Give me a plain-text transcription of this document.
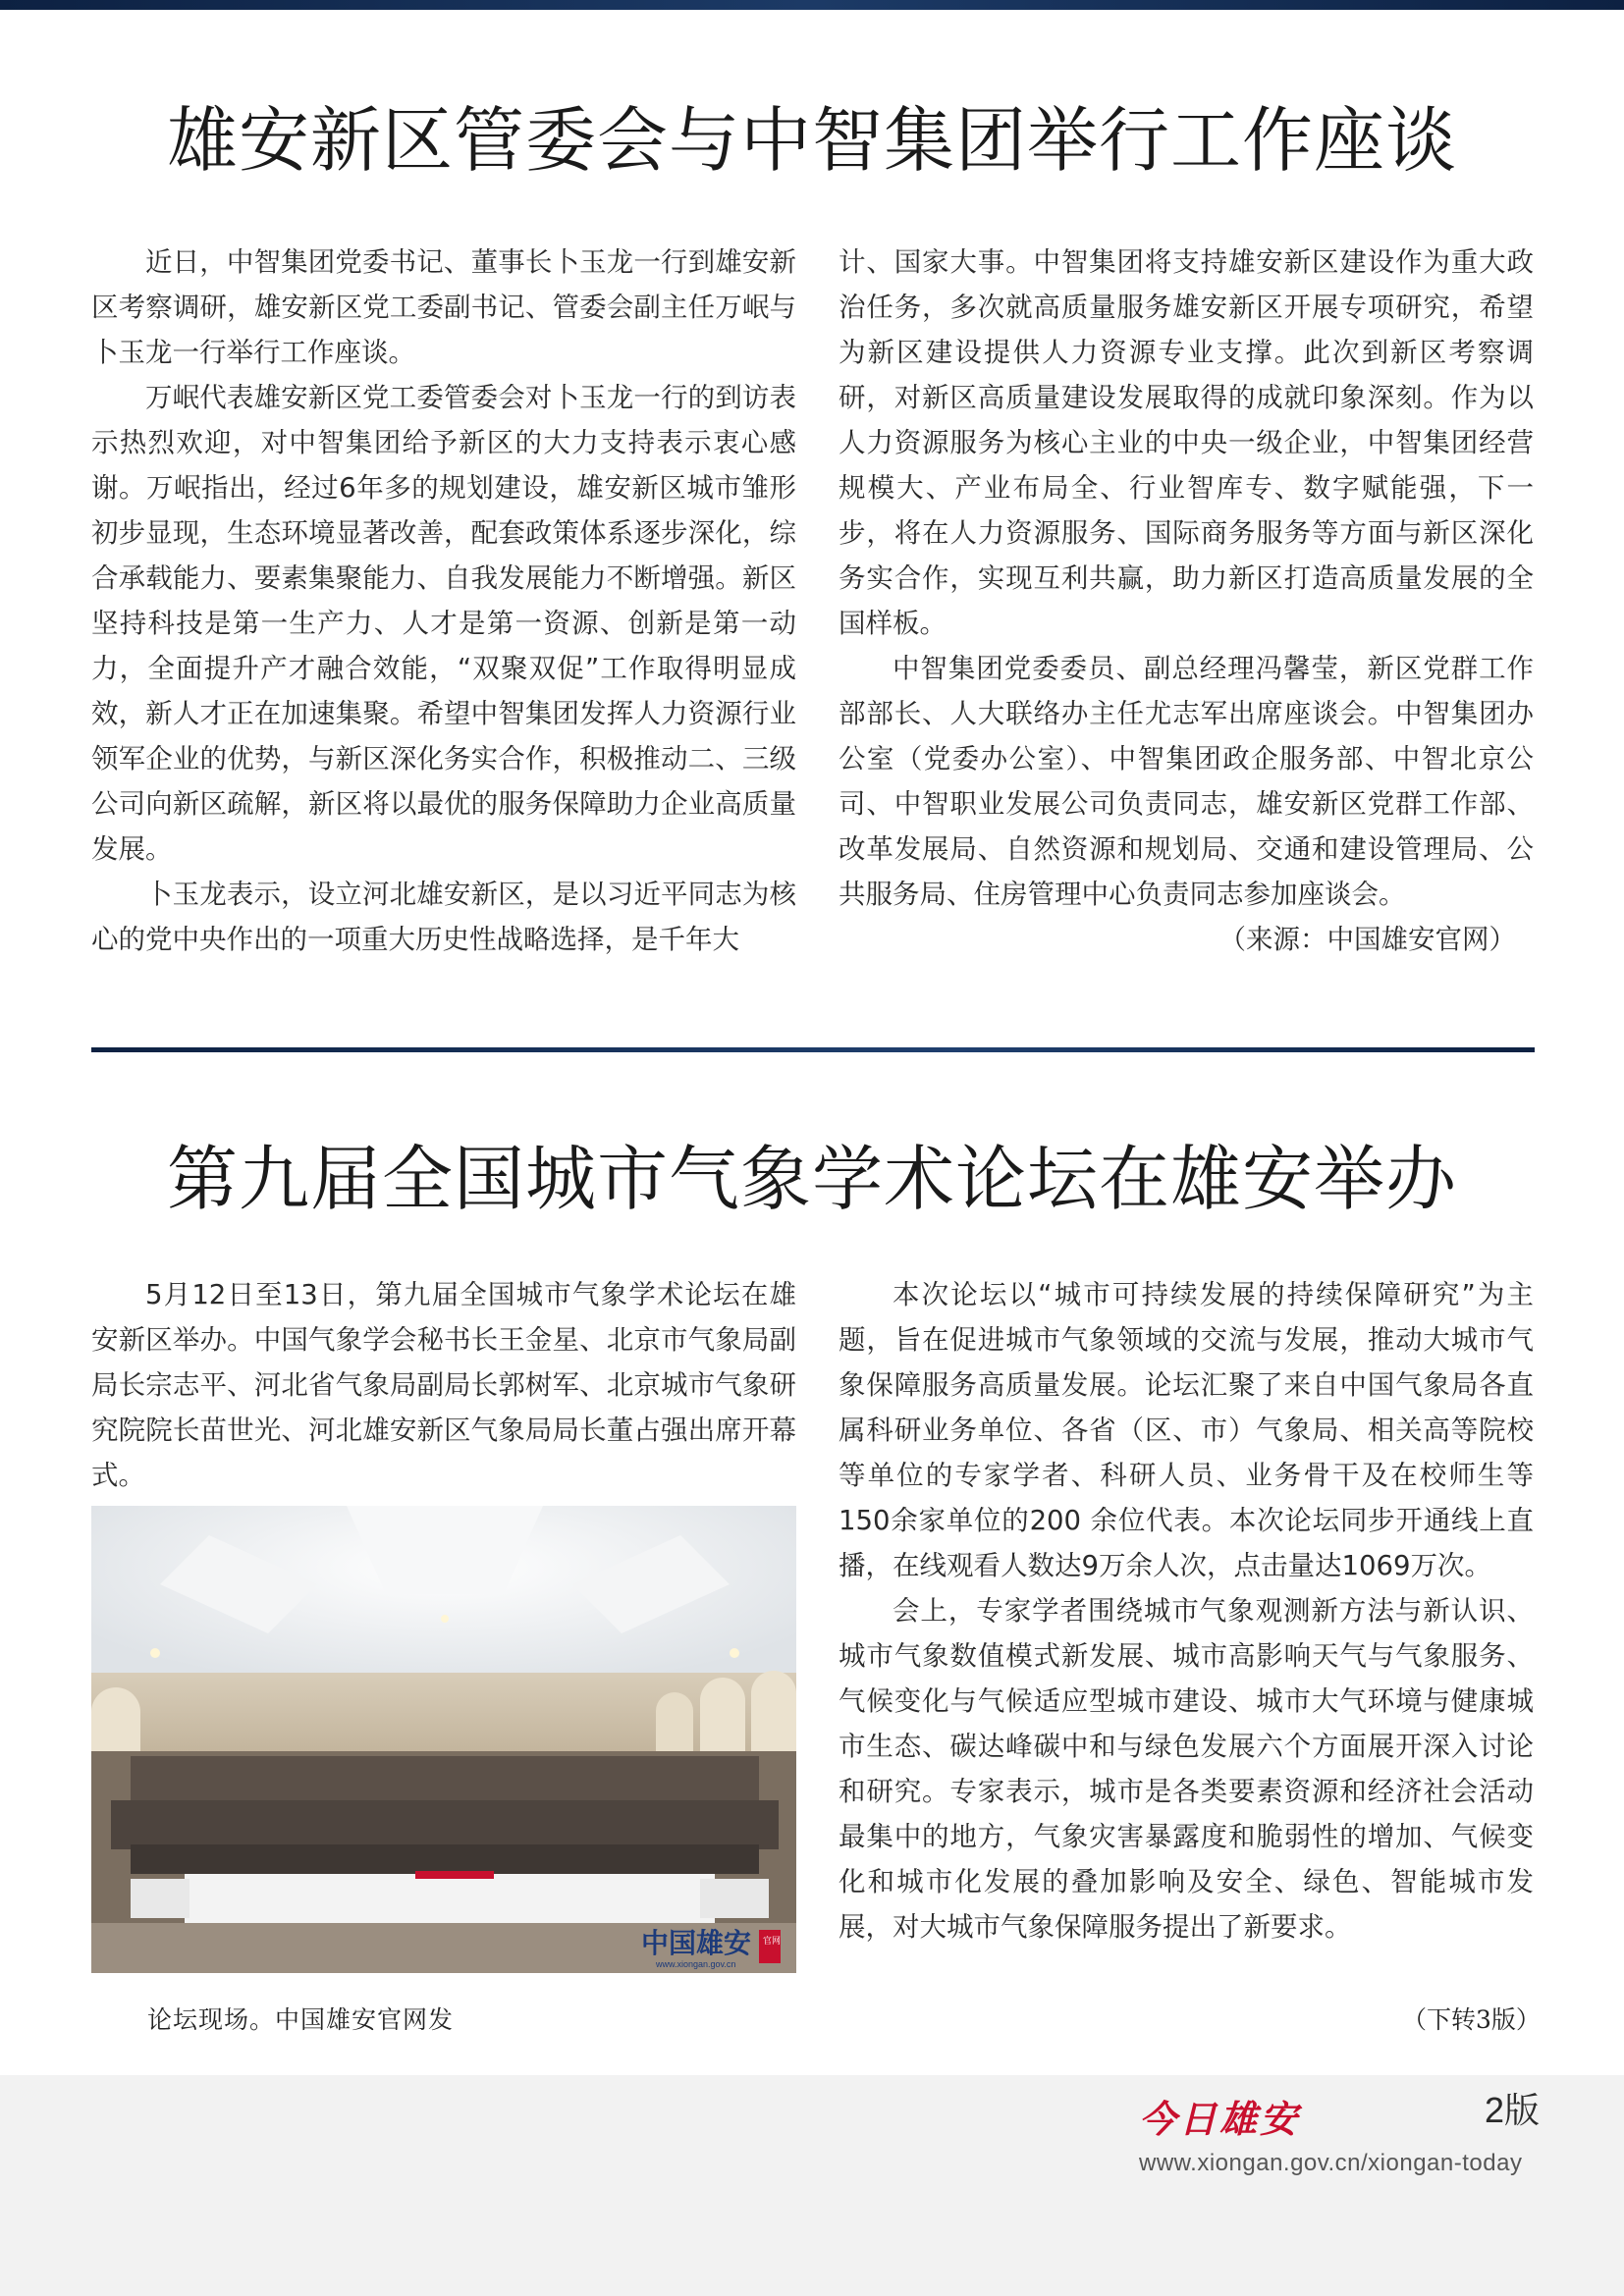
雄安新区管委会与中智集团举行工作座谈

近日，中智集团党委书记、董事长卜玉龙一行到雄安新区考察调研，雄安新区党工委副书记、管委会副主任万岷与卜玉龙一行举行工作座谈。

万岷代表雄安新区党工委管委会对卜玉龙一行的到访表示热烈欢迎，对中智集团给予新区的大力支持表示衷心感谢。万岷指出，经过6年多的规划建设，雄安新区城市雏形初步显现，生态环境显著改善，配套政策体系逐步深化，综合承载能力、要素集聚能力、自我发展能力不断增强。新区坚持科技是第一生产力、人才是第一资源、创新是第一动力，全面提升产才融合效能，“双聚双促”工作取得明显成效，新人才正在加速集聚。希望中智集团发挥人力资源行业领军企业的优势，与新区深化务实合作，积极推动二、三级公司向新区疏解，新区将以最优的服务保障助力企业高质量发展。

卜玉龙表示，设立河北雄安新区，是以习近平同志为核心的党中央作出的一项重大历史性战略选择，是千年大

计、国家大事。中智集团将支持雄安新区建设作为重大政治任务，多次就高质量服务雄安新区开展专项研究，希望为新区建设提供人力资源专业支撑。此次到新区考察调研，对新区高质量建设发展取得的成就印象深刻。作为以人力资源服务为核心主业的中央一级企业，中智集团经营规模大、产业布局全、行业智库专、数字赋能强，下一步，将在人力资源服务、国际商务服务等方面与新区深化务实合作，实现互利共赢，助力新区打造高质量发展的全国样板。

中智集团党委委员、副总经理冯馨莹，新区党群工作部部长、人大联络办主任尤志军出席座谈会。中智集团办公室（党委办公室）、中智集团政企服务部、中智北京公司、中智职业发展公司负责同志，雄安新区党群工作部、改革发展局、自然资源和规划局、交通和建设管理局、公共服务局、住房管理中心负责同志参加座谈会。

（来源：中国雄安官网）

第九届全国城市气象学术论坛在雄安举办

5月12日至13日，第九届全国城市气象学术论坛在雄安新区举办。中国气象学会秘书长王金星、北京市气象局副局长宗志平、河北省气象局副局长郭树军、北京城市气象研究院院长苗世光、河北雄安新区气象局局长董占强出席开幕式。

中国雄安 官网
www.xiongan.gov.cn
论坛现场。中国雄安官网发

本次论坛以“城市可持续发展的持续保障研究”为主题，旨在促进城市气象领域的交流与发展，推动大城市气象保障服务高质量发展。论坛汇聚了来自中国气象局各直属科研业务单位、各省（区、市）气象局、相关高等院校等单位的专家学者、科研人员、业务骨干及在校师生等150余家单位的200 余位代表。本次论坛同步开通线上直播，在线观看人数达9万余人次，点击量达1069万次。

会上，专家学者围绕城市气象观测新方法与新认识、城市气象数值模式新发展、城市高影响天气与气象服务、气候变化与气候适应型城市建设、城市大气环境与健康城市生态、碳达峰碳中和与绿色发展六个方面展开深入讨论和研究。专家表示，城市是各类要素资源和经济社会活动最集中的地方，气象灾害暴露度和脆弱性的增加、气候变化和城市化发展的叠加影响及安全、绿色、智能城市发展，对大城市气象保障服务提出了新要求。

（下转3版）
今日雄安	2版
www.xiongan.gov.cn/xiongan-today
